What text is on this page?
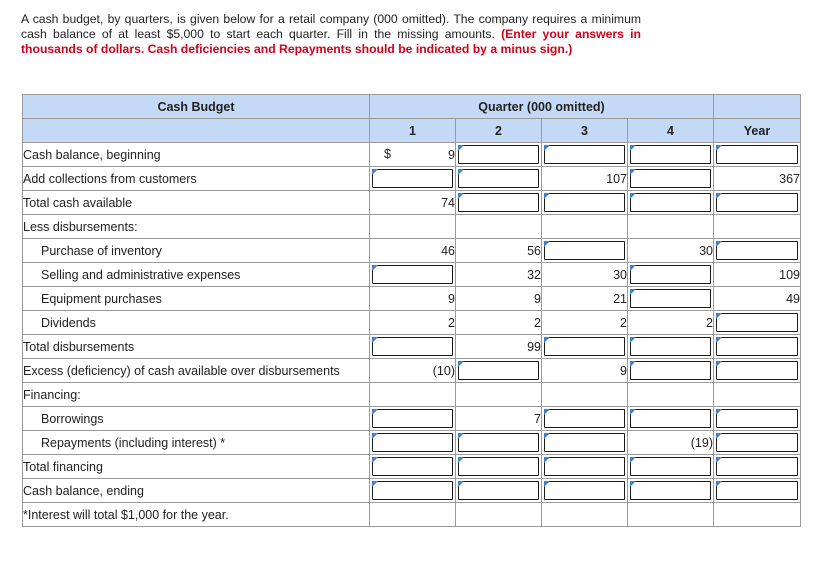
A cash budget, by quarters, is given below for a retail company (000 omitted). The company requires a minimum cash balance of at least $5,000 to start each quarter. Fill in the missing amounts. (Enter your answers in thousands of dollars. Cash deficiencies and Repayments should be indicated by a minus sign.)
Cash Budget	Quarter (000 omitted)				
	1	2	3	4	Year
Cash balance, beginning	$ 9	

Add collections from customers			107		367
Total cash available	74	

Less disbursements:					
Purchase of inventory	46	56		30	

Selling and administrative expenses		32	30		109
Equipment purchases	9	9	21		49
Dividends	2	2	2	2	

Total disbursements		99	

Excess (deficiency) of cash available over disbursements	(10)		9	

Financing:					
Borrowings		7	

Repayments (including interest) *				(19)	

Total financing	

Cash balance, ending	

*Interest will total $1,000 for the year.					
